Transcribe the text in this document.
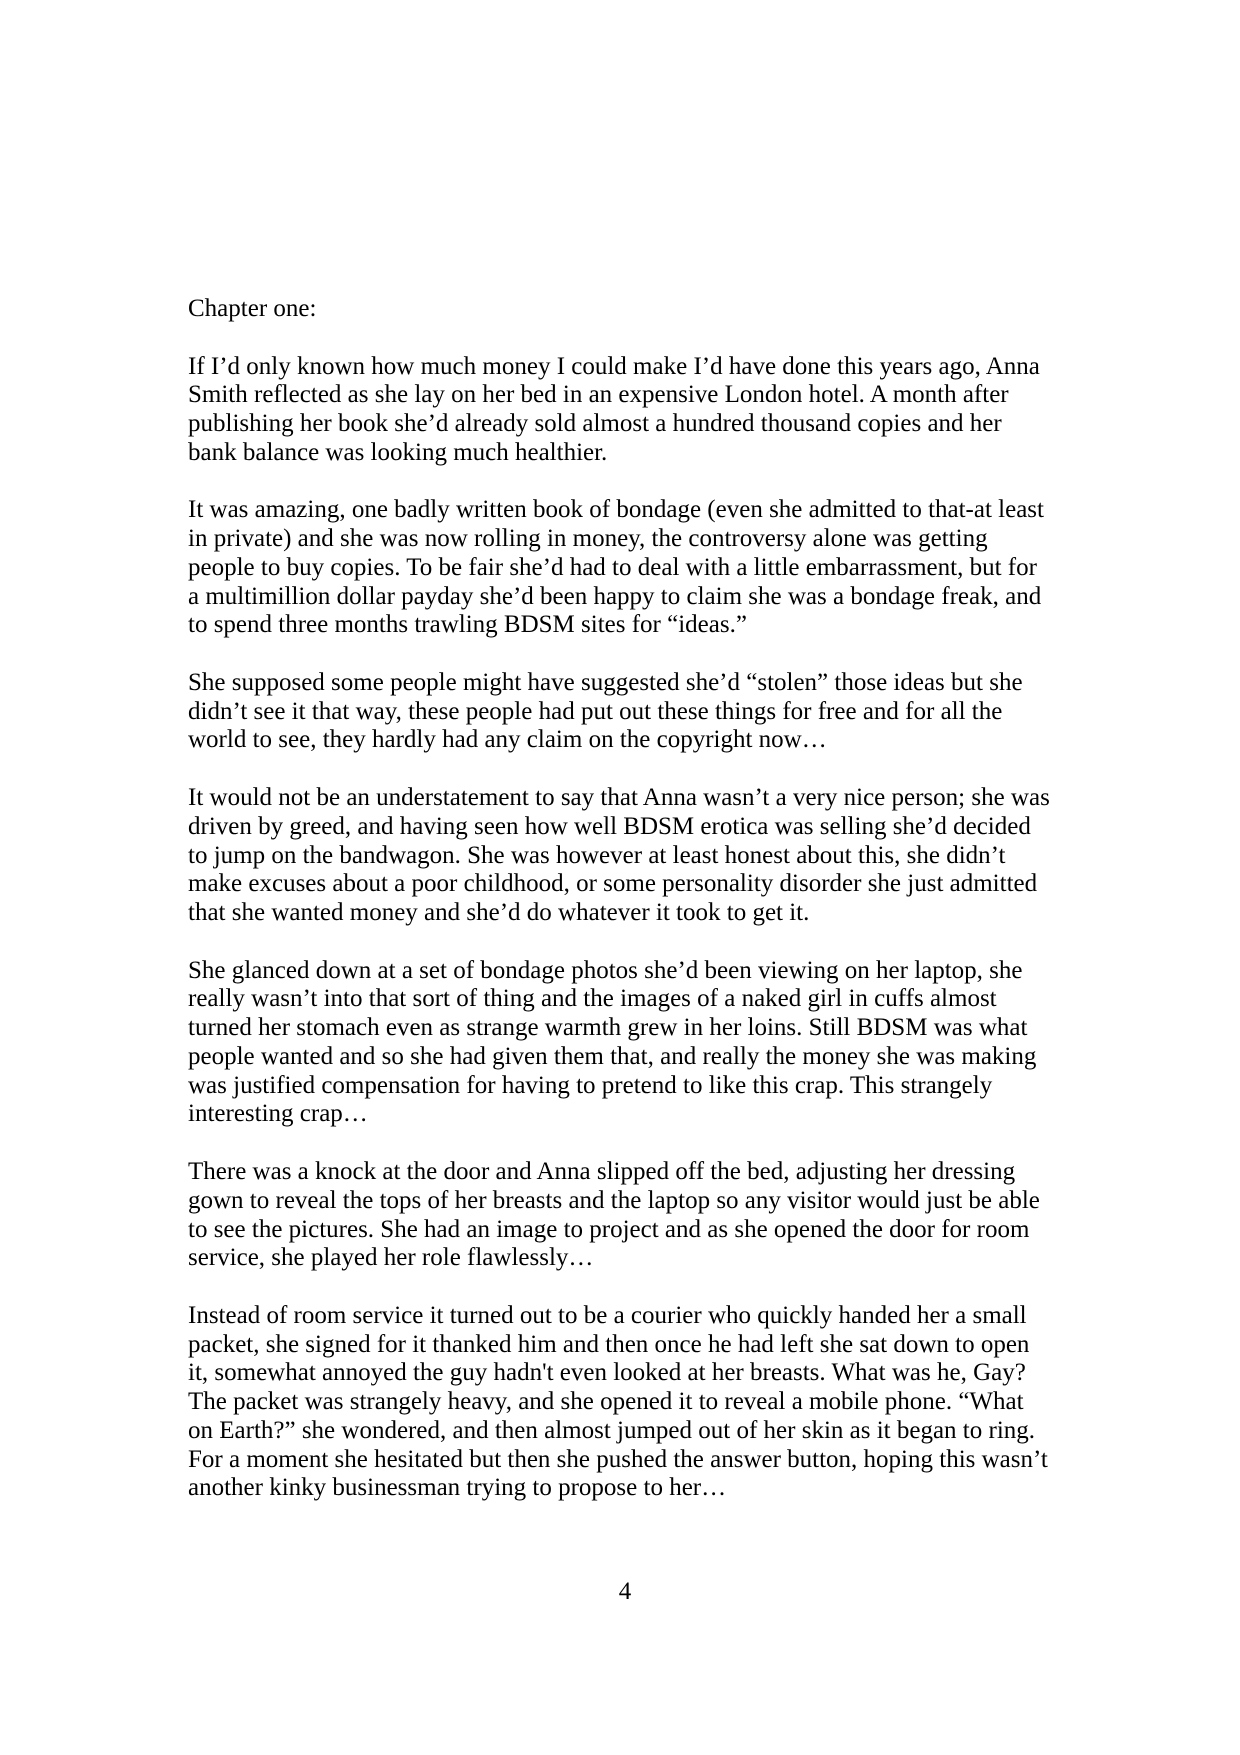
Chapter one:
If I’d only known how much money I could make I’d have done this years ago, Anna
Smith reflected as she lay on her bed in an expensive London hotel. A month after
publishing her book she’d already sold almost a hundred thousand copies and her
bank balance was looking much healthier.
It was amazing, one badly written book of bondage (even she admitted to that-at least
in private) and she was now rolling in money, the controversy alone was getting
people to buy copies. To be fair she’d had to deal with a little embarrassment, but for
a multimillion dollar payday she’d been happy to claim she was a bondage freak, and
to spend three months trawling BDSM sites for “ideas.”
She supposed some people might have suggested she’d “stolen” those ideas but she
didn’t see it that way, these people had put out these things for free and for all the
world to see, they hardly had any claim on the copyright now…
It would not be an understatement to say that Anna wasn’t a very nice person; she was
driven by greed, and having seen how well BDSM erotica was selling she’d decided
to jump on the bandwagon. She was however at least honest about this, she didn’t
make excuses about a poor childhood, or some personality disorder she just admitted
that she wanted money and she’d do whatever it took to get it.
She glanced down at a set of bondage photos she’d been viewing on her laptop, she
really wasn’t into that sort of thing and the images of a naked girl in cuffs almost
turned her stomach even as strange warmth grew in her loins. Still BDSM was what
people wanted and so she had given them that, and really the money she was making
was justified compensation for having to pretend to like this crap. This strangely
interesting crap…
There was a knock at the door and Anna slipped off the bed, adjusting her dressing
gown to reveal the tops of her breasts and the laptop so any visitor would just be able
to see the pictures. She had an image to project and as she opened the door for room
service, she played her role flawlessly…
Instead of room service it turned out to be a courier who quickly handed her a small
packet, she signed for it thanked him and then once he had left she sat down to open
it, somewhat annoyed the guy hadn't even looked at her breasts. What was he, Gay?
The packet was strangely heavy, and she opened it to reveal a mobile phone. “What
on Earth?” she wondered, and then almost jumped out of her skin as it began to ring.
For a moment she hesitated but then she pushed the answer button, hoping this wasn’t
another kinky businessman trying to propose to her…
4
